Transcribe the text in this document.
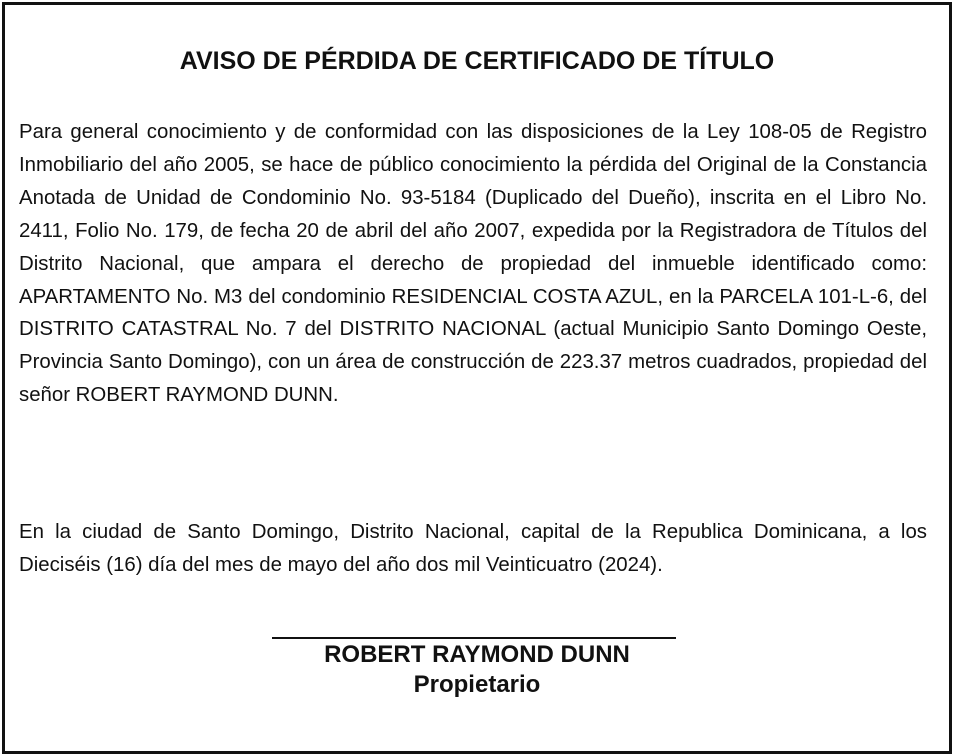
AVISO DE PÉRDIDA DE CERTIFICADO DE TÍTULO

Para general conocimiento y de conformidad con las disposiciones de la Ley 108-05 de Registro Inmobiliario del año 2005, se hace de público conocimiento la pérdida del Original de la Constancia Anotada de Unidad de Condominio No. 93-5184 (Duplicado del Dueño), inscrita en el Libro No. 2411, Folio No. 179, de fecha 20 de abril del año 2007, expedida por la Registradora de Títulos del Distrito Nacional, que ampara el derecho de propiedad del inmueble identificado como: APARTAMENTO No. M3 del condominio RESIDENCIAL COSTA AZUL, en la PARCELA 101-L-6, del DISTRITO CATASTRAL No. 7 del DISTRITO NACIONAL (actual Municipio Santo Domingo Oeste, Provincia Santo Domingo), con un área de construcción de 223.37 metros cuadrados, propiedad del señor ROBERT RAYMOND DUNN.

En la ciudad de Santo Domingo, Distrito Nacional, capital de la Republica Dominicana, a los Dieciséis (16) día del mes de mayo del año dos mil Veinticuatro (2024).

ROBERT RAYMOND DUNN
Propietario
